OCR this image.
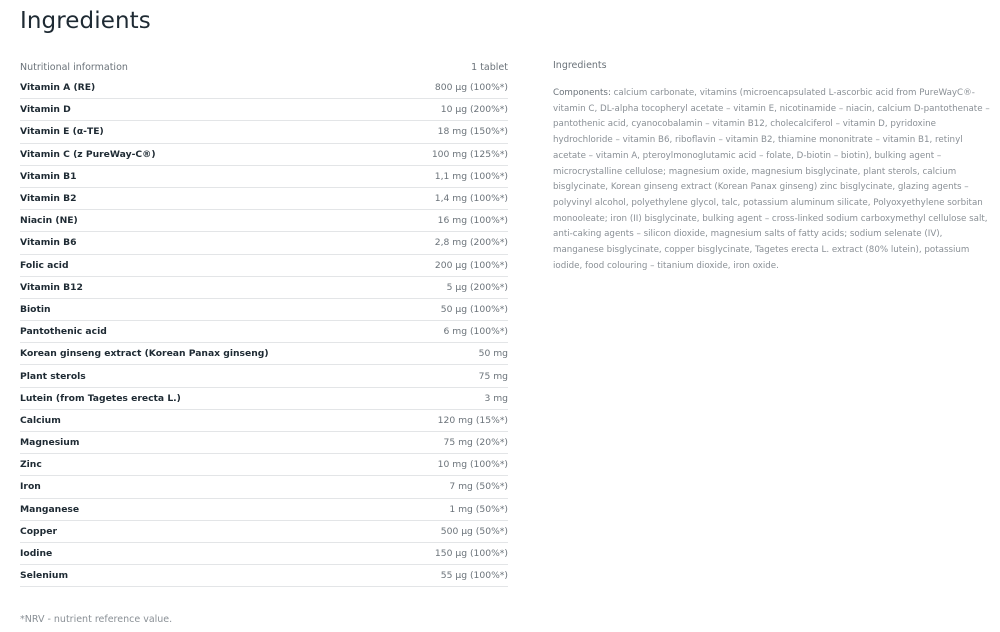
Ingredients
Nutritional information	1 tablet
Vitamin A (RE)	800 µg (100%*)
Vitamin D	10 µg (200%*)
Vitamin E (α-TE)	18 mg (150%*)
Vitamin C (z PureWay-C®)	100 mg (125%*)
Vitamin B1	1,1 mg (100%*)
Vitamin B2	1,4 mg (100%*)
Niacin (NE)	16 mg (100%*)
Vitamin B6	2,8 mg (200%*)
Folic acid	200 µg (100%*)
Vitamin B12	5 µg (200%*)
Biotin	50 µg (100%*)
Pantothenic acid	6 mg (100%*)
Korean ginseng extract (Korean Panax ginseng)	50 mg
Plant sterols	75 mg
Lutein (from Tagetes erecta L.)	3 mg
Calcium	120 mg (15%*)
Magnesium	75 mg (20%*)
Zinc	10 mg (100%*)
Iron	7 mg (50%*)
Manganese	1 mg (50%*)
Copper	500 µg (50%*)
Iodine	150 µg (100%*)
Selenium	55 µg (100%*)
*NRV - nutrient reference value.
Ingredients

Components: calcium carbonate, vitamins (microencapsulated L-ascorbic acid from PureWayC®- vitamin C, DL-alpha tocopheryl acetate – vitamin E, nicotinamide – niacin, calcium D-pantothenate – pantothenic acid, cyanocobalamin – vitamin B12, cholecalciferol – vitamin D, pyridoxine hydrochloride – vitamin B6, riboflavin – vitamin B2, thiamine mononitrate – vitamin B1, retinyl acetate – vitamin A, pteroylmonoglutamic acid – folate, D-biotin – biotin), bulking agent – microcrystalline cellulose; magnesium oxide, magnesium bisglycinate, plant sterols, calcium bisglycinate, Korean ginseng extract (Korean Panax ginseng) zinc bisglycinate, glazing agents – polyvinyl alcohol, polyethylene glycol, talc, potassium aluminum silicate, Polyoxyethylene sorbitan monooleate; iron (II) bisglycinate, bulking agent – cross-linked sodium carboxymethyl cellulose salt, anti-caking agents – silicon dioxide, magnesium salts of fatty acids; sodium selenate (IV), manganese bisglycinate, copper bisglycinate, Tagetes erecta L. extract (80% lutein), potassium iodide, food colouring – titanium dioxide, iron oxide.
